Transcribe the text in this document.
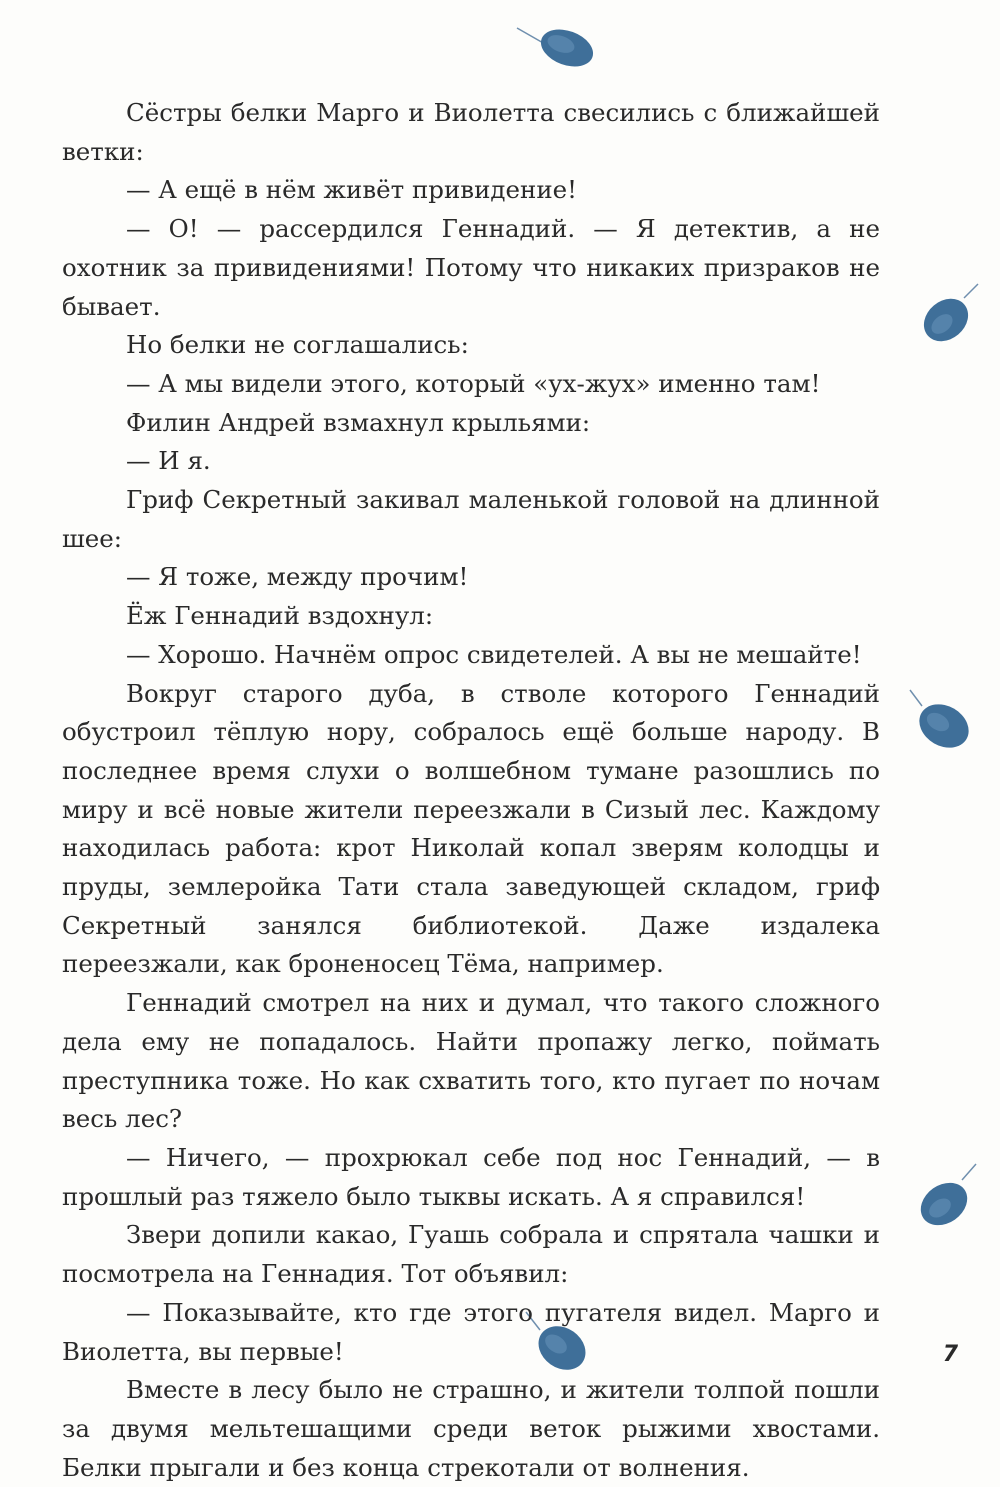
Сёстры белки Марго и Виолетта свесились с ближайшей ветки:

— А ещё в нём живёт привидение!

— О! — рассердился Геннадий. — Я детектив, а не охотник за привидениями! Потому что никаких призраков не бывает.

Но белки не соглашались:

— А мы видели этого, который «ух-жух» именно там!

Филин Андрей взмахнул крыльями:

— И я.

Гриф Секретный закивал маленькой головой на длинной шее:

— Я тоже, между прочим!

Ёж Геннадий вздохнул:

— Хорошо. Начнём опрос свидетелей. А вы не мешайте!

Вокруг старого дуба, в стволе которого Геннадий обустроил тёплую нору, собралось ещё больше народу. В последнее время слухи о волшебном тумане разошлись по миру и всё новые жители переезжали в Сизый лес. Каждому находилась работа: крот Николай копал зверям колодцы и пруды, землеройка Тати стала заведующей складом, гриф Секретный занялся библиотекой. Даже издалека переезжали, как броненосец Тёма, например.

Геннадий смотрел на них и думал, что такого сложного дела ему не попадалось. Найти пропажу легко, поймать преступника тоже. Но как схватить того, кто пугает по ночам весь лес?

— Ничего, — прохрюкал себе под нос Геннадий, — в прошлый раз тяжело было тыквы искать. А я справился!

Звери допили какао, Гуашь собрала и спрятала чашки и посмотрела на Геннадия. Тот объявил:

— Показывайте, кто где этого пугателя видел. Марго и Виолетта, вы первые!

Вместе в лесу было не страшно, и жители толпой пошли за двумя мельтешащими среди веток рыжими хвостами. Белки прыгали и без конца стрекотали от волнения.

7
